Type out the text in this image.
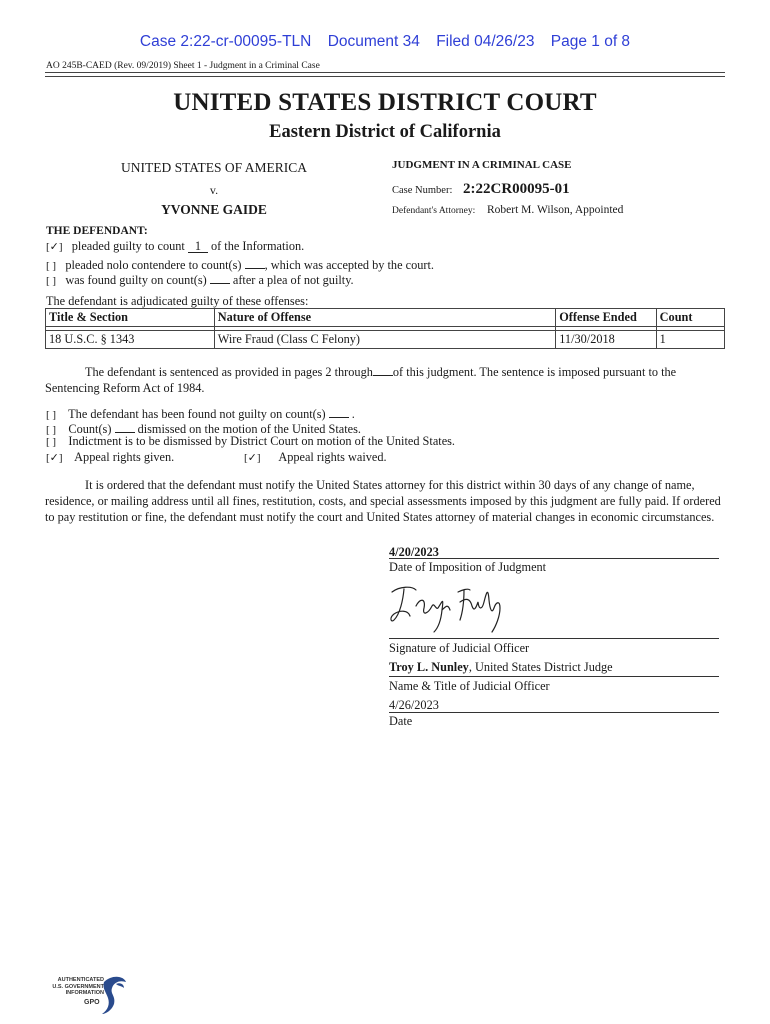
Case 2:22-cr-00095-TLN Document 34 Filed 04/26/23 Page 1 of 8
AO 245B-CAED (Rev. 09/2019) Sheet 1 - Judgment in a Criminal Case
UNITED STATES DISTRICT COURT
Eastern District of California
UNITED STATES OF AMERICA
v.
YVONNE GAIDE
JUDGMENT IN A CRIMINAL CASE
Case Number: 2:22CR00095-01
Defendant's Attorney: Robert M. Wilson, Appointed
THE DEFENDANT:
[✓] pleaded guilty to count 1 of the Information.
[ ] pleaded nolo contendere to count(s) , which was accepted by the court.
[ ] was found guilty on count(s) after a plea of not guilty.
The defendant is adjudicated guilty of these offenses:
Title & Section	Nature of Offense	Offense Ended	Count

18 U.S.C. § 1343	Wire Fraud (Class C Felony)	11/30/2018	1
The defendant is sentenced as provided in pages 2 through of this judgment. The sentence is imposed pursuant to the Sentencing Reform Act of 1984.
[ ] The defendant has been found not guilty on count(s) .
[ ] Count(s) dismissed on the motion of the United States.
[ ] Indictment is to be dismissed by District Court on motion of the United States.
[✓] Appeal rights given.	[✓] Appeal rights waived.
It is ordered that the defendant must notify the United States attorney for this district within 30 days of any change of name, residence, or mailing address until all fines, restitution, costs, and special assessments imposed by this judgment are fully paid. If ordered to pay restitution or fine, the defendant must notify the court and United States attorney of material changes in economic circumstances.
4/20/2023
Date of Imposition of Judgment
Signature of Judicial Officer
Troy L. Nunley, United States District Judge
Name & Title of Judicial Officer
4/26/2023
Date
AUTHENTICATED
U.S. GOVERNMENT
INFORMATION
GPO
